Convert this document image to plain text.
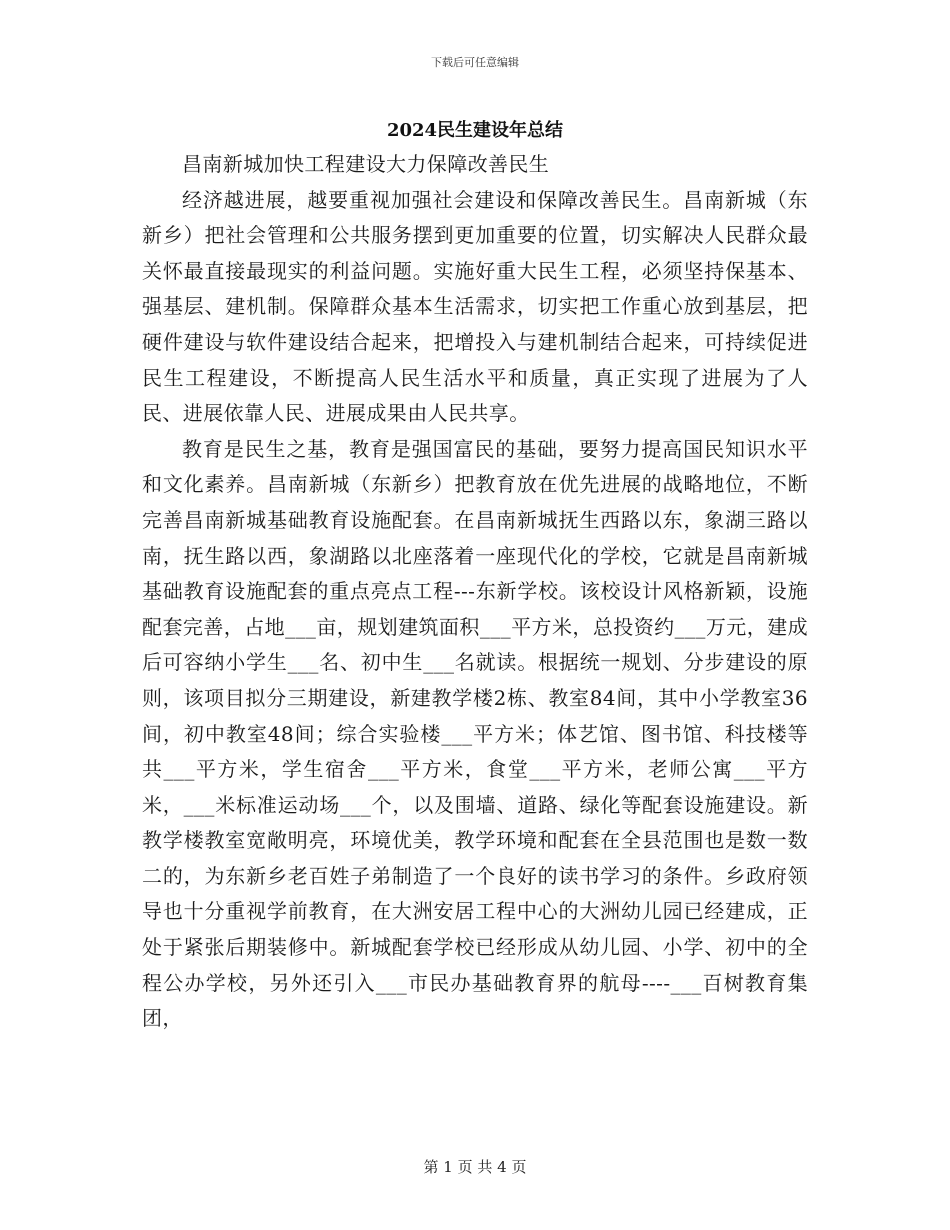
下载后可任意编辑
2024民生建设年总结

昌南新城加快工程建设大力保障改善民生

经济越进展，越要重视加强社会建设和保障改善民生。昌南新城（东新乡）把社会管理和公共服务摆到更加重要的位置，切实解决人民群众最关怀最直接最现实的利益问题。实施好重大民生工程，必须坚持保基本、强基层、建机制。保障群众基本生活需求，切实把工作重心放到基层，把硬件建设与软件建设结合起来，把增投入与建机制结合起来，可持续促进民生工程建设，不断提高人民生活水平和质量，真正实现了进展为了人民、进展依靠人民、进展成果由人民共享。

教育是民生之基，教育是强国富民的基础，要努力提高国民知识水平和文化素养。昌南新城（东新乡）把教育放在优先进展的战略地位，不断完善昌南新城基础教育设施配套。在昌南新城抚生西路以东，象湖三路以南，抚生路以西，象湖路以北座落着一座现代化的学校，它就是昌南新城基础教育设施配套的重点亮点工程---东新学校。该校设计风格新颖，设施配套完善，占地___亩，规划建筑面积___平方米，总投资约___万元，建成后可容纳小学生___名、初中生___名就读。根据统一规划、分步建设的原则，该项目拟分三期建设，新建教学楼2栋、教室84间，其中小学教室36间，初中教室48间；综合实验楼___平方米；体艺馆、图书馆、科技楼等共___平方米，学生宿舍___平方米，食堂___平方米，老师公寓___平方米，___米标准运动场___个，以及围墙、道路、绿化等配套设施建设。新教学楼教室宽敞明亮，环境优美，教学环境和配套在全县范围也是数一数二的，为东新乡老百姓子弟制造了一个良好的读书学习的条件。乡政府领导也十分重视学前教育，在大洲安居工程中心的大洲幼儿园已经建成，正处于紧张后期装修中。新城配套学校已经形成从幼儿园、小学、初中的全程公办学校，另外还引入___市民办基础教育界的航母----___百树教育集团，

第 1 页 共 4 页
